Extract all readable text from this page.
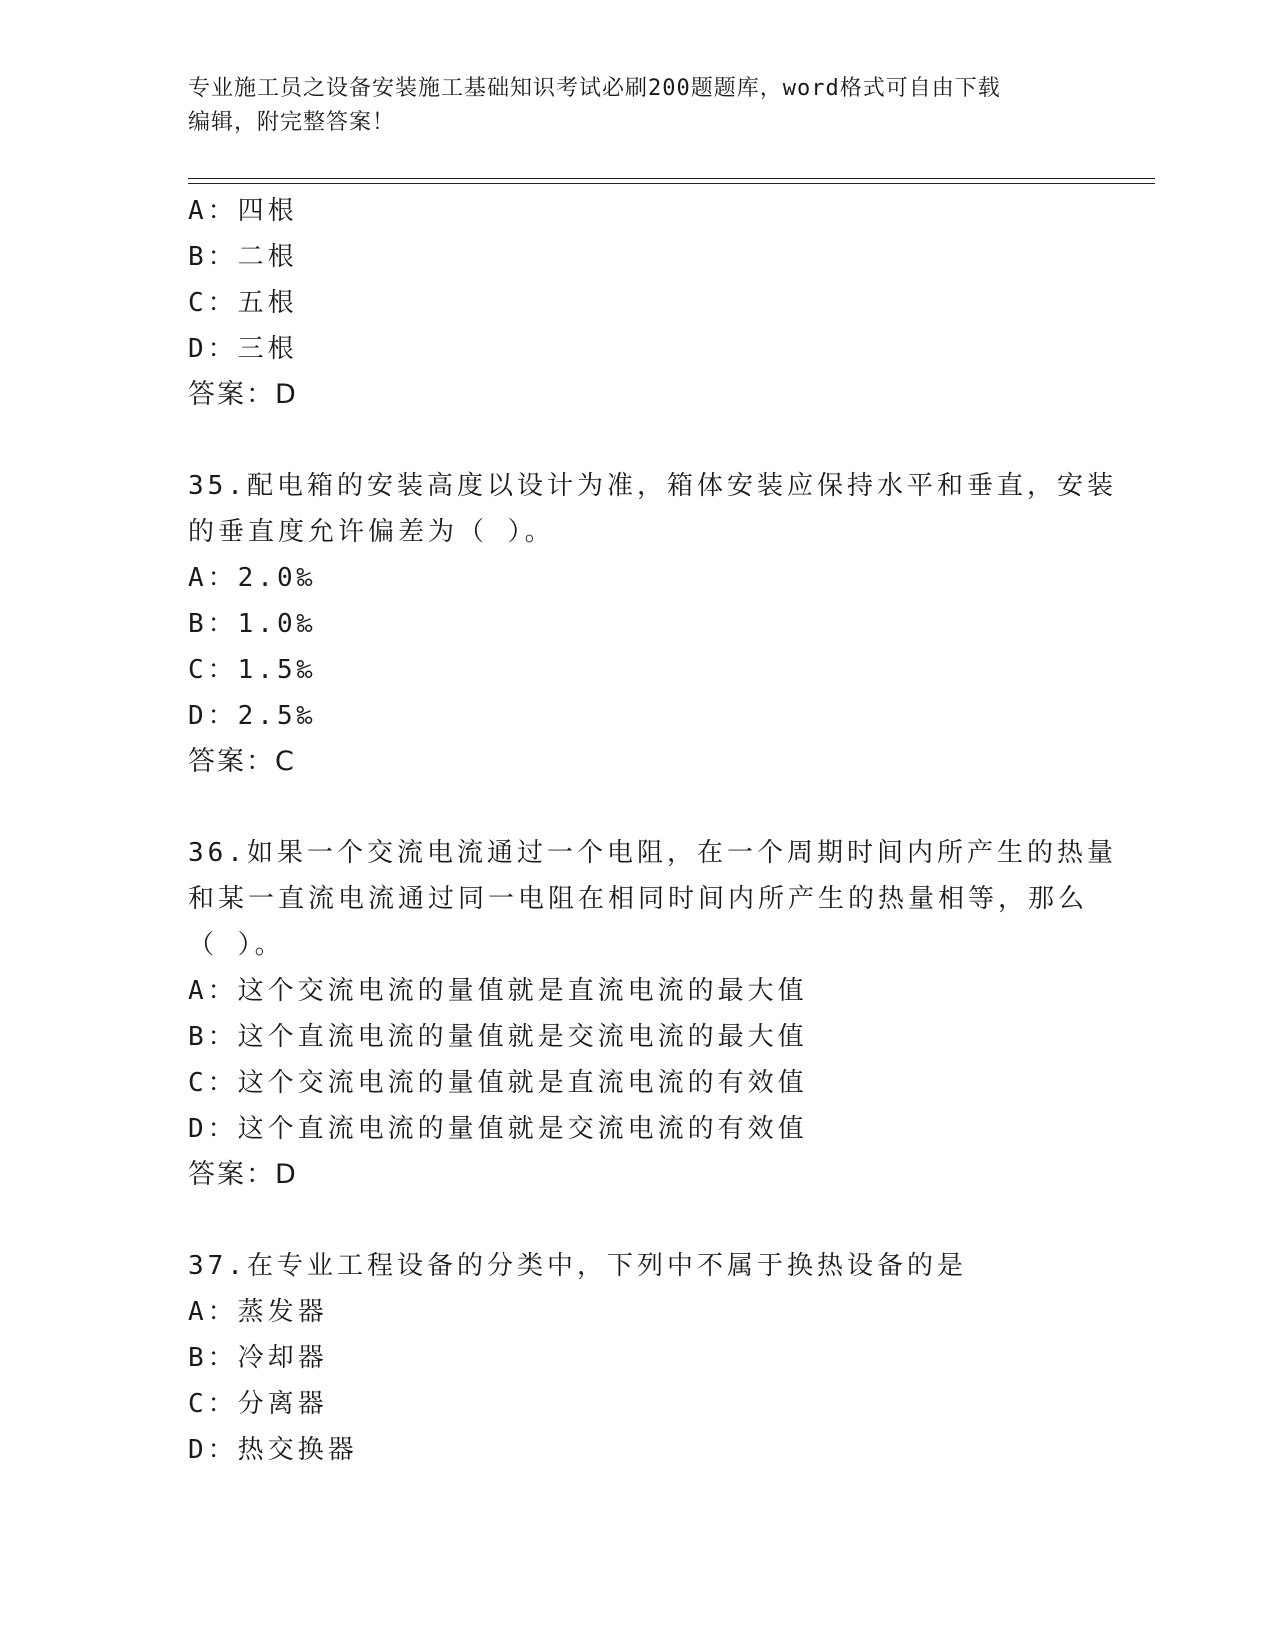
专业施工员之设备安装施工基础知识考试必刷200题题库，word格式可自由下载
编辑，附完整答案！
A：四根
B：二根
C：五根
D：三根
答案：D
35.配电箱的安装高度以设计为准，箱体安装应保持水平和垂直，安装
的垂直度允许偏差为（ ）。
A：2.0‰
B：1.0‰
C：1.5‰
D：2.5‰
答案：C
36.如果一个交流电流通过一个电阻，在一个周期时间内所产生的热量
和某一直流电流通过同一电阻在相同时间内所产生的热量相等，那么
（ ）。
A：这个交流电流的量值就是直流电流的最大值
B：这个直流电流的量值就是交流电流的最大值
C：这个交流电流的量值就是直流电流的有效值
D：这个直流电流的量值就是交流电流的有效值
答案：D
37.在专业工程设备的分类中，下列中不属于换热设备的是
A：蒸发器
B：冷却器
C：分离器
D：热交换器
